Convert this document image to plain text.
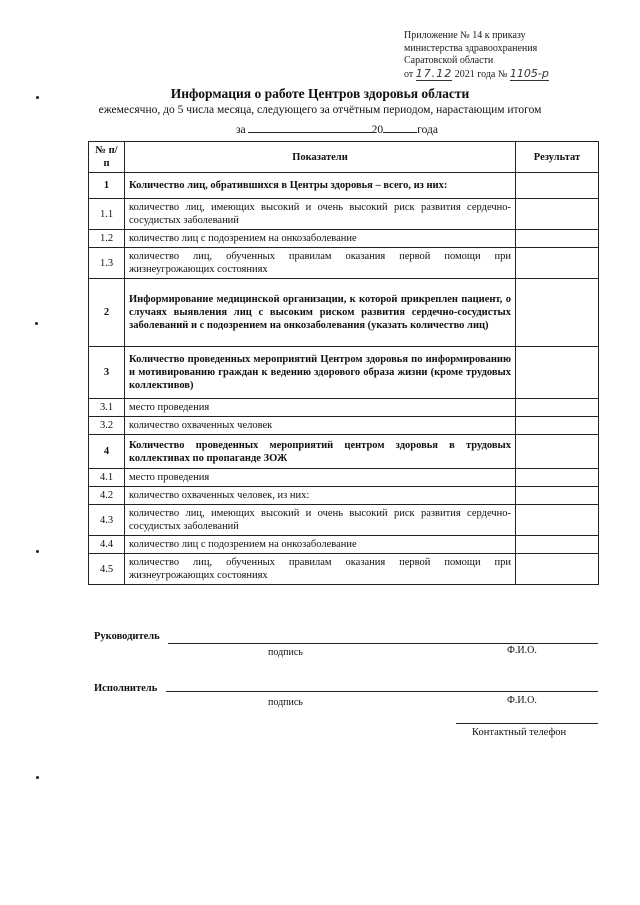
Приложение № 14 к приказу
министерства здравоохранения
Саратовской области
от 17.12 2021 года № 1105-р
Информация о работе Центров здоровья области
ежемесячно, до 5 числа месяца, следующего за отчётным периодом, нарастающим итогом
за	20	года
№ п/п	Показатели	Результат
1	Количество лиц, обратившихся в Центры здоровья – всего, из них:	
1.1	количество лиц, имеющих высокий и очень высокий риск развития сердечно-сосудистых заболеваний	
1.2	количество лиц с подозрением на онкозаболевание	
1.3	количество лиц, обученных правилам оказания первой помощи при жизнеугрожающих состояниях	
2	Информирование медицинской организации, к которой прикреплен пациент, о случаях выявления лиц с высоким риском развития сердечно-сосудистых заболеваний и с подозрением на онкозаболевания (указать количество лиц)	
3	Количество проведенных мероприятий Центром здоровья по информированию и мотивированию граждан к ведению здорового образа жизни (кроме трудовых коллективов)	
3.1	место проведения	
3.2	количество охваченных человек	
4	Количество проведенных мероприятий центром здоровья в трудовых коллективах по пропаганде ЗОЖ	
4.1	место проведения	
4.2	количество охваченных человек, из них:	
4.3	количество лиц, имеющих высокий и очень высокий риск развития сердечно-сосудистых заболеваний	
4.4	количество лиц с подозрением на онкозаболевание	
4.5	количество лиц, обученных правилам оказания первой помощи при жизнеугрожающих состояниях	
Руководитель
подпись	Ф.И.О.
Исполнитель
подпись	Ф.И.О.
Контактный телефон
